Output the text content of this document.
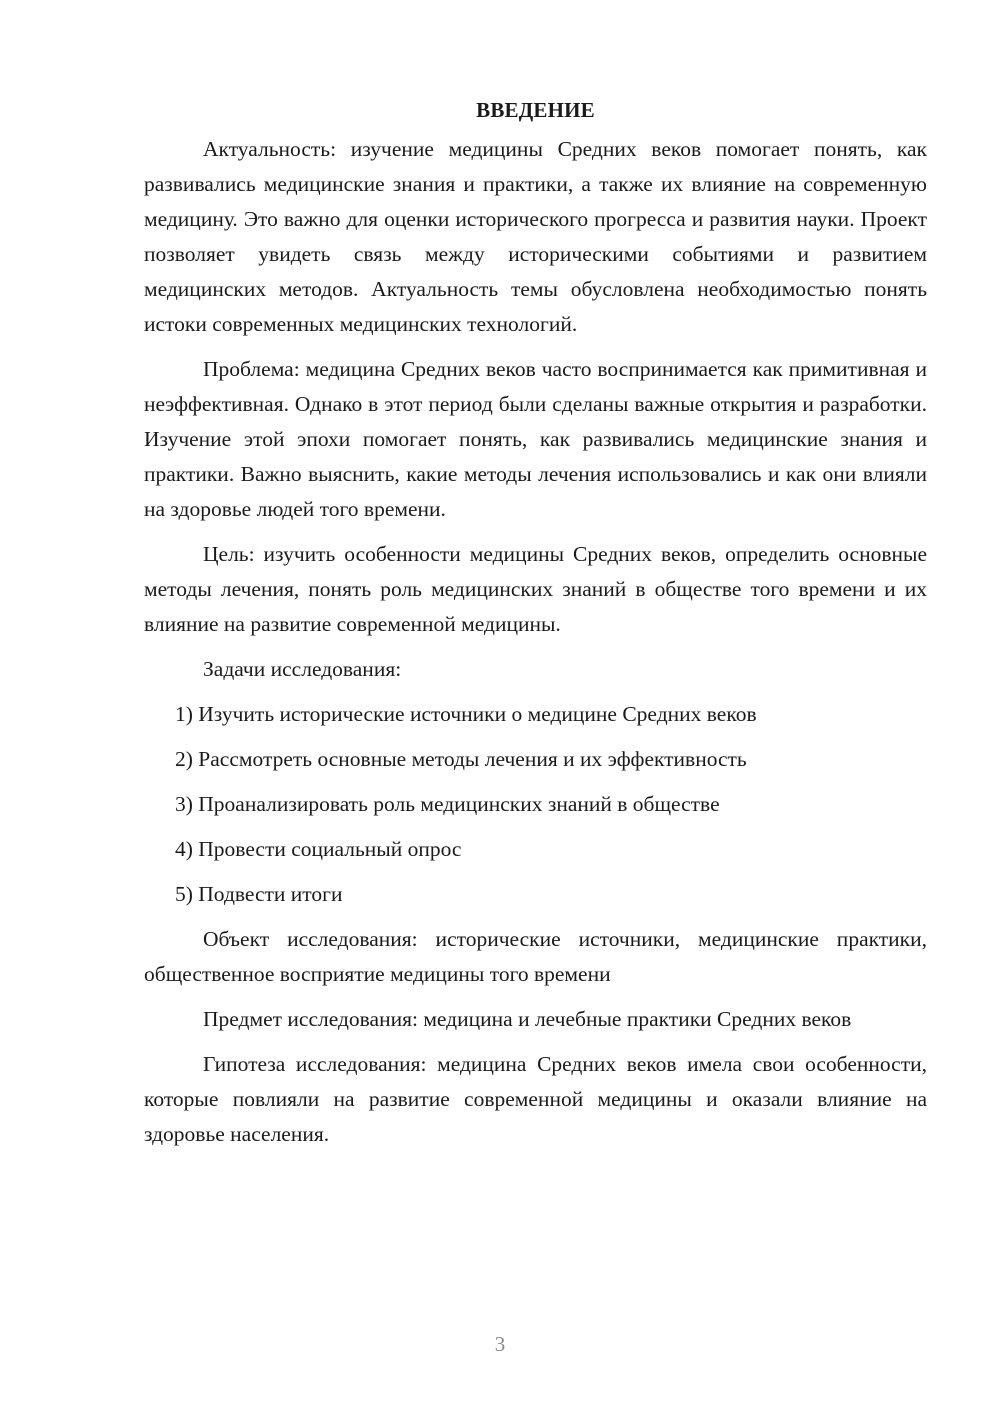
ВВЕДЕНИЕ

Актуальность: изучение медицины Средних веков помогает понять, как развивались медицинские знания и практики, а также их влияние на современную медицину. Это важно для оценки исторического прогресса и развития науки. Проект позволяет увидеть связь между историческими событиями и развитием медицинских методов. Актуальность темы обусловлена необходимостью понять истоки современных медицинских технологий.

Проблема: медицина Средних веков часто воспринимается как примитивная и неэффективная. Однако в этот период были сделаны важные открытия и разработки. Изучение этой эпохи помогает понять, как развивались медицинские знания и практики. Важно выяснить, какие методы лечения использовались и как они влияли на здоровье людей того времени.

Цель: изучить особенности медицины Средних веков, определить основные методы лечения, понять роль медицинских знаний в обществе того времени и их влияние на развитие современной медицины.

Задачи исследования:

1) Изучить исторические источники о медицине Средних веков
2) Рассмотреть основные методы лечения и их эффективность
3) Проанализировать роль медицинских знаний в обществе
4) Провести социальный опрос
5) Подвести итоги

Объект исследования: исторические источники, медицинские практики, общественное восприятие медицины того времени

Предмет исследования: медицина и лечебные практики Средних веков

Гипотеза исследования: медицина Средних веков имела свои особенности, которые повлияли на развитие современной медицины и оказали влияние на здоровье населения.

3
